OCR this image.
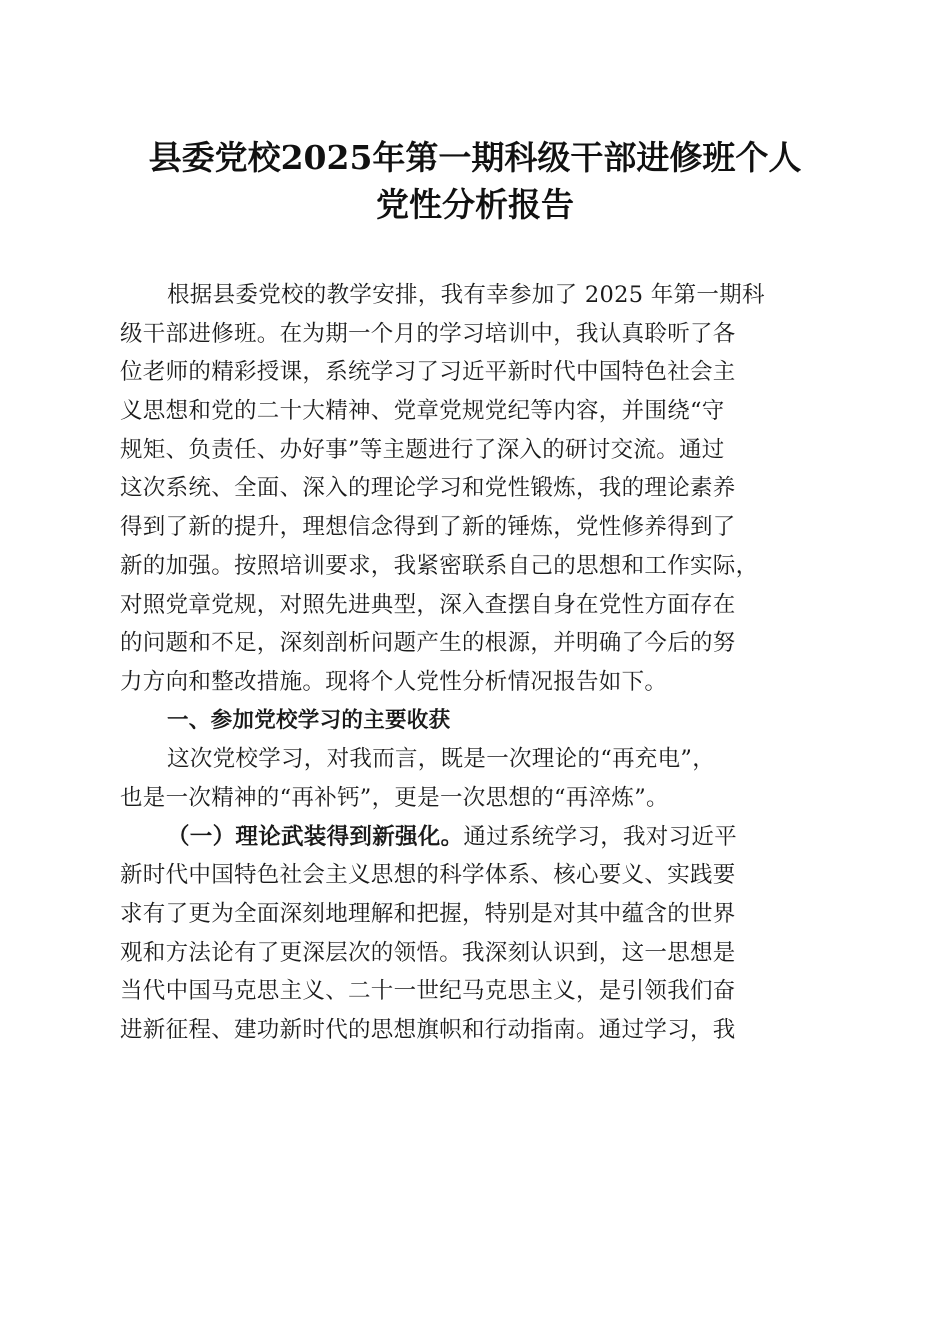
县委党校2025年第一期科级干部进修班个人
党性分析报告
根据县委党校的教学安排，我有幸参加了 2025 年第一期科
级干部进修班。在为期一个月的学习培训中，我认真聆听了各
位老师的精彩授课，系统学习了习近平新时代中国特色社会主
义思想和党的二十大精神、党章党规党纪等内容，并围绕“守
规矩、负责任、办好事”等主题进行了深入的研讨交流。通过
这次系统、全面、深入的理论学习和党性锻炼，我的理论素养
得到了新的提升，理想信念得到了新的锤炼，党性修养得到了
新的加强。按照培训要求，我紧密联系自己的思想和工作实际，
对照党章党规，对照先进典型，深入查摆自身在党性方面存在
的问题和不足，深刻剖析问题产生的根源，并明确了今后的努
力方向和整改措施。现将个人党性分析情况报告如下。
一、参加党校学习的主要收获
这次党校学习，对我而言，既是一次理论的“再充电”，
也是一次精神的“再补钙”，更是一次思想的“再淬炼”。
（一）理论武装得到新强化。通过系统学习，我对习近平
新时代中国特色社会主义思想的科学体系、核心要义、实践要
求有了更为全面深刻地理解和把握，特别是对其中蕴含的世界
观和方法论有了更深层次的领悟。我深刻认识到，这一思想是
当代中国马克思主义、二十一世纪马克思主义，是引领我们奋
进新征程、建功新时代的思想旗帜和行动指南。通过学习，我
